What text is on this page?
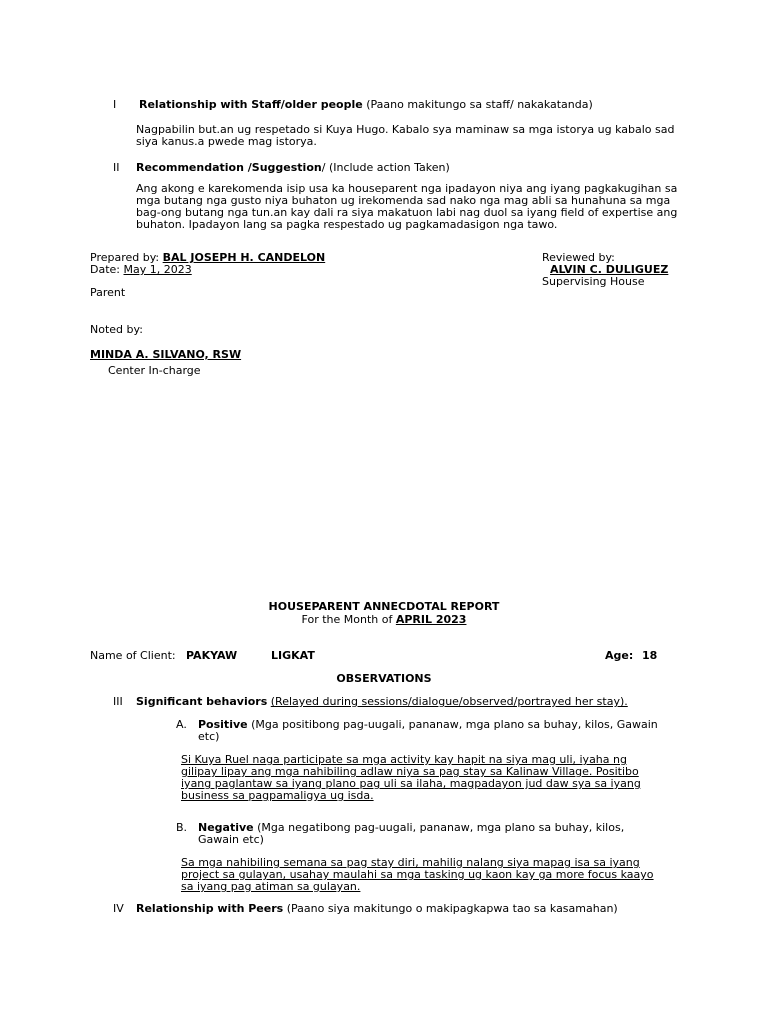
I Relationship with Staff/older people (Paano makitungo sa staff/ nakakatanda)
Nagpabilin but.an ug respetado si Kuya Hugo. Kabalo sya maminaw sa mga istorya ug kabalo sad siya kanus.a pwede mag istorya.
II Recommendation /Suggestion/ (Include action Taken)
Ang akong e karekomenda isip usa ka houseparent nga ipadayon niya ang iyang pagkakugihan sa mga butang nga gusto niya buhaton ug irekomenda sad nako nga mag abli sa hunahuna sa mga bag-ong butang nga tun.an kay dali ra siya makatuon labi nag duol sa iyang field of expertise ang buhaton. Ipadayon lang sa pagka respestado ug pagkamadasigon nga tawo.
Prepared by: BAL JOSEPH H. CANDELON
Date: May 1, 2023
Parent
Reviewed by:
ALVIN C. DULIGUEZ
Supervising House
Noted by:
MINDA A. SILVANO, RSW
Center In-charge
HOUSEPARENT ANNECDOTAL REPORT
For the Month of APRIL 2023
Name of Client: PAKYAW	LIGKAT	Age: 18
OBSERVATIONS
III Significant behaviors (Relayed during sessions/dialogue/observed/portrayed her stay).
A. Positive (Mga positibong pag-uugali, pananaw, mga plano sa buhay, kilos, Gawain
etc)
Si Kuya Ruel naga participate sa mga activity kay hapit na siya mag uli, iyaha ng
gilipay lipay ang mga nahibiling adlaw niya sa pag stay sa Kalinaw Village. Positibo
iyang paglantaw sa iyang plano pag uli sa ilaha, magpadayon jud daw sya sa iyang
business sa pagpamaligya ug isda.
B. Negative (Mga negatibong pag-uugali, pananaw, mga plano sa buhay, kilos,
Gawain etc)
Sa mga nahibiling semana sa pag stay diri, mahilig nalang siya mapag isa sa iyang
project sa gulayan, usahay maulahi sa mga tasking ug kaon kay ga more focus kaayo
sa iyang pag atiman sa gulayan.
IV Relationship with Peers (Paano siya makitungo o makipagkapwa tao sa kasamahan)
